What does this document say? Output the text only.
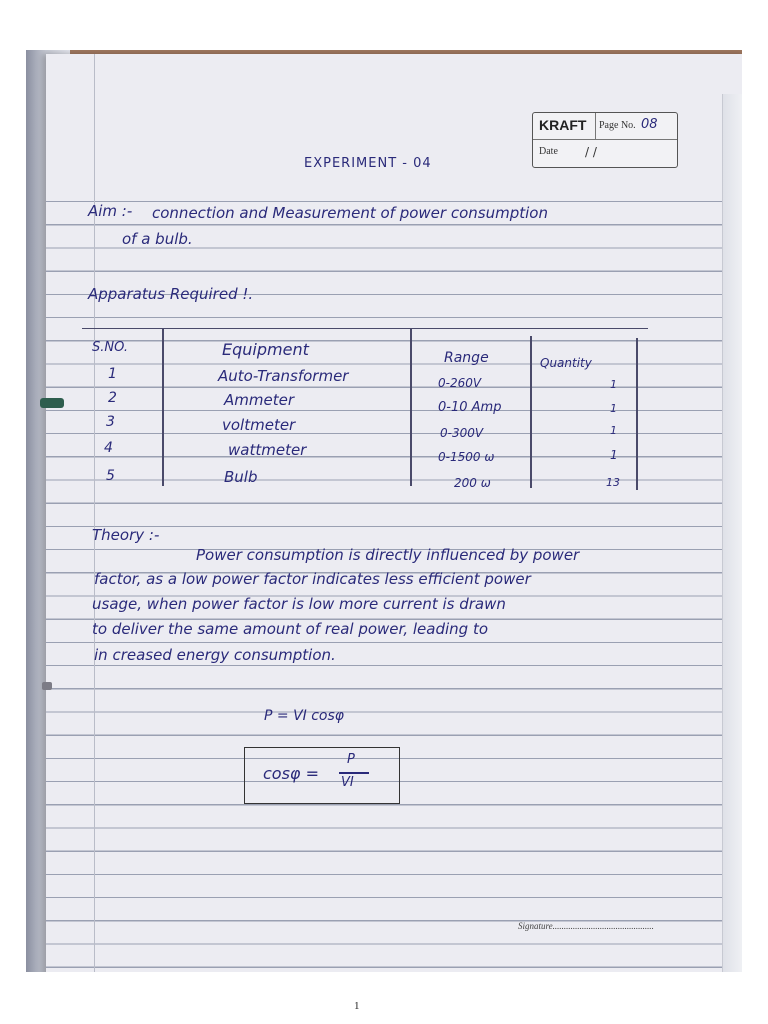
KRAFT Page No. 08
Date / /
EXPERIMENT - 04
Aim :- connection and Measurement of power consumption
of a bulb.
Apparatus Required !.
S.NO.	Equipment	Range	Quantity
1	Auto-Transformer	0-260V	1
2	Ammeter	0-10 Amp	1
3	voltmeter	0-300V	1
4	wattmeter	0-1500 ω	1
5	Bulb	200 ω	13
Theory :-
Power consumption is directly influenced by power
factor, as a low power factor indicates less efficient power
usage, when power factor is low more current is drawn
to deliver the same amount of real power, leading to
in creased energy consumption.
P = VI cosφ
cosφ =
P
VI
Signature.............................................
1
